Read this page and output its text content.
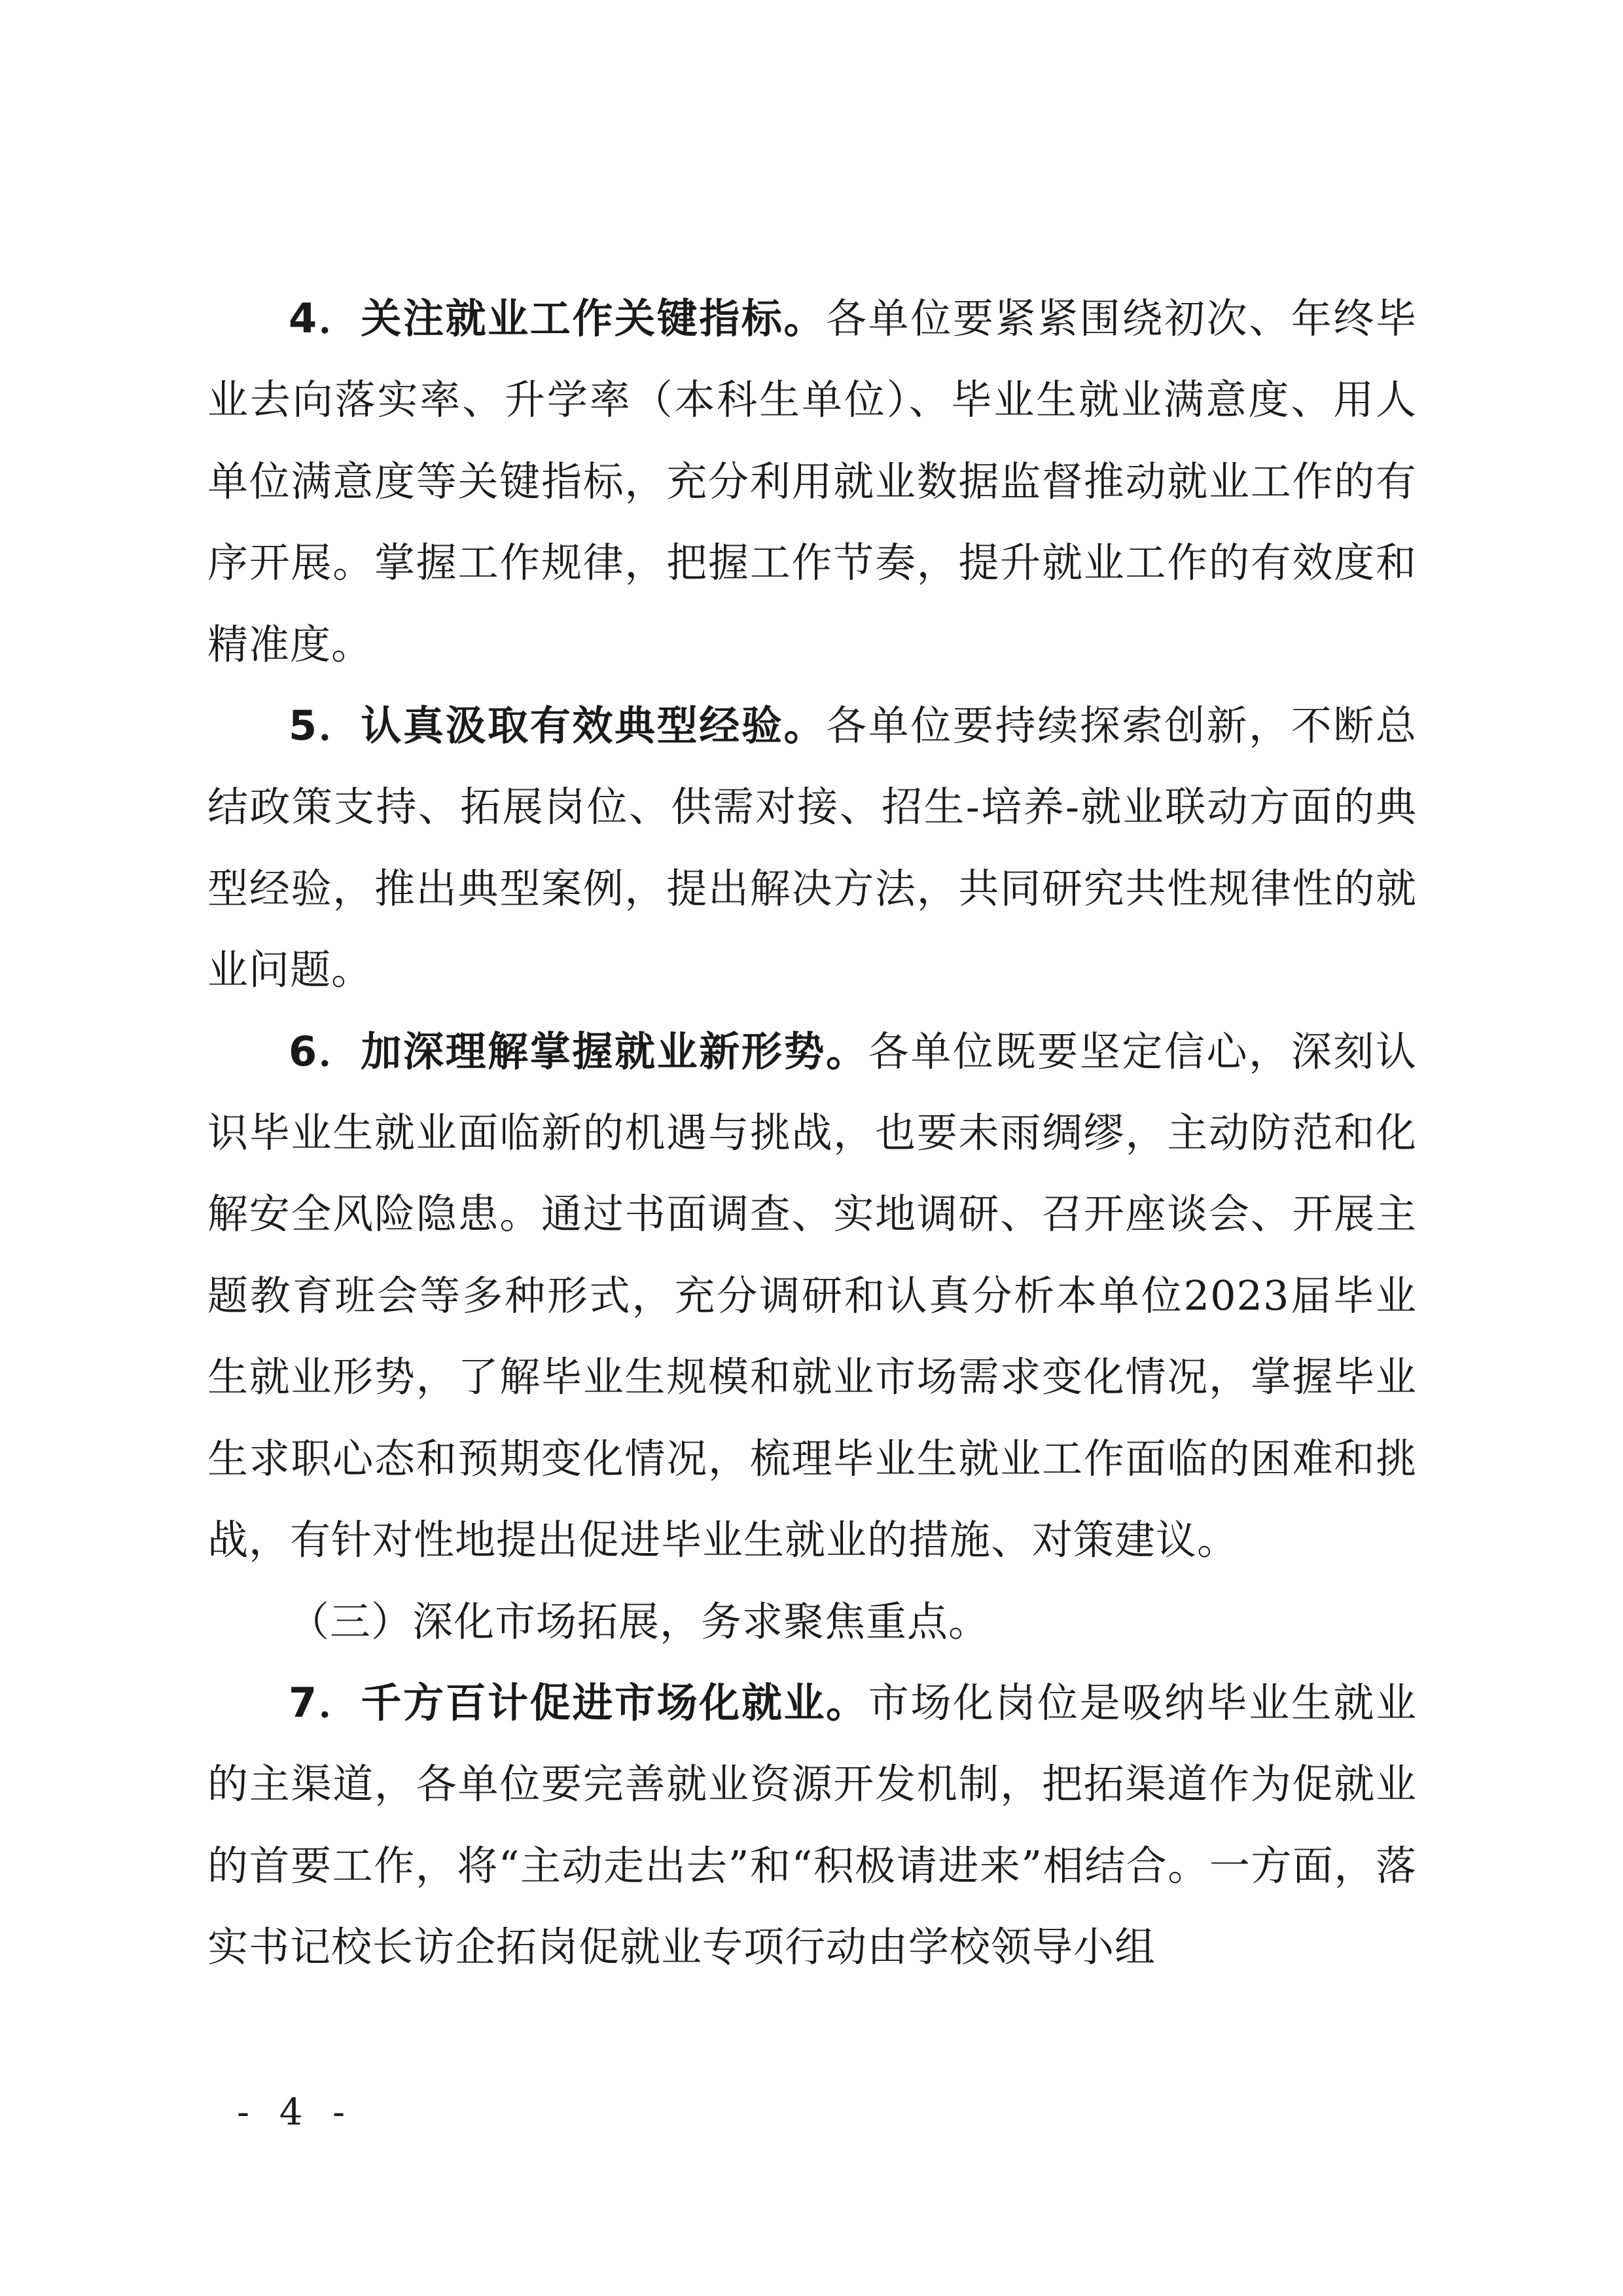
4．关注就业工作关键指标。各单位要紧紧围绕初次、年终毕业去向落实率、升学率（本科生单位）、毕业生就业满意度、用人单位满意度等关键指标，充分利用就业数据监督推动就业工作的有序开展。掌握工作规律，把握工作节奏，提升就业工作的有效度和精准度。

5．认真汲取有效典型经验。各单位要持续探索创新，不断总结政策支持、拓展岗位、供需对接、招生-培养-就业联动方面的典型经验，推出典型案例，提出解决方法，共同研究共性规律性的就业问题。

6．加深理解掌握就业新形势。各单位既要坚定信心，深刻认识毕业生就业面临新的机遇与挑战，也要未雨绸缪，主动防范和化解安全风险隐患。通过书面调查、实地调研、召开座谈会、开展主题教育班会等多种形式，充分调研和认真分析本单位2023届毕业生就业形势，了解毕业生规模和就业市场需求变化情况，掌握毕业生求职心态和预期变化情况，梳理毕业生就业工作面临的困难和挑战，有针对性地提出促进毕业生就业的措施、对策建议。

（三）深化市场拓展，务求聚焦重点。

7．千方百计促进市场化就业。市场化岗位是吸纳毕业生就业的主渠道，各单位要完善就业资源开发机制，把拓渠道作为促就业的首要工作，将“主动走出去”和“积极请进来”相结合。一方面，落实书记校长访企拓岗促就业专项行动由学校领导小组

- 4 -
